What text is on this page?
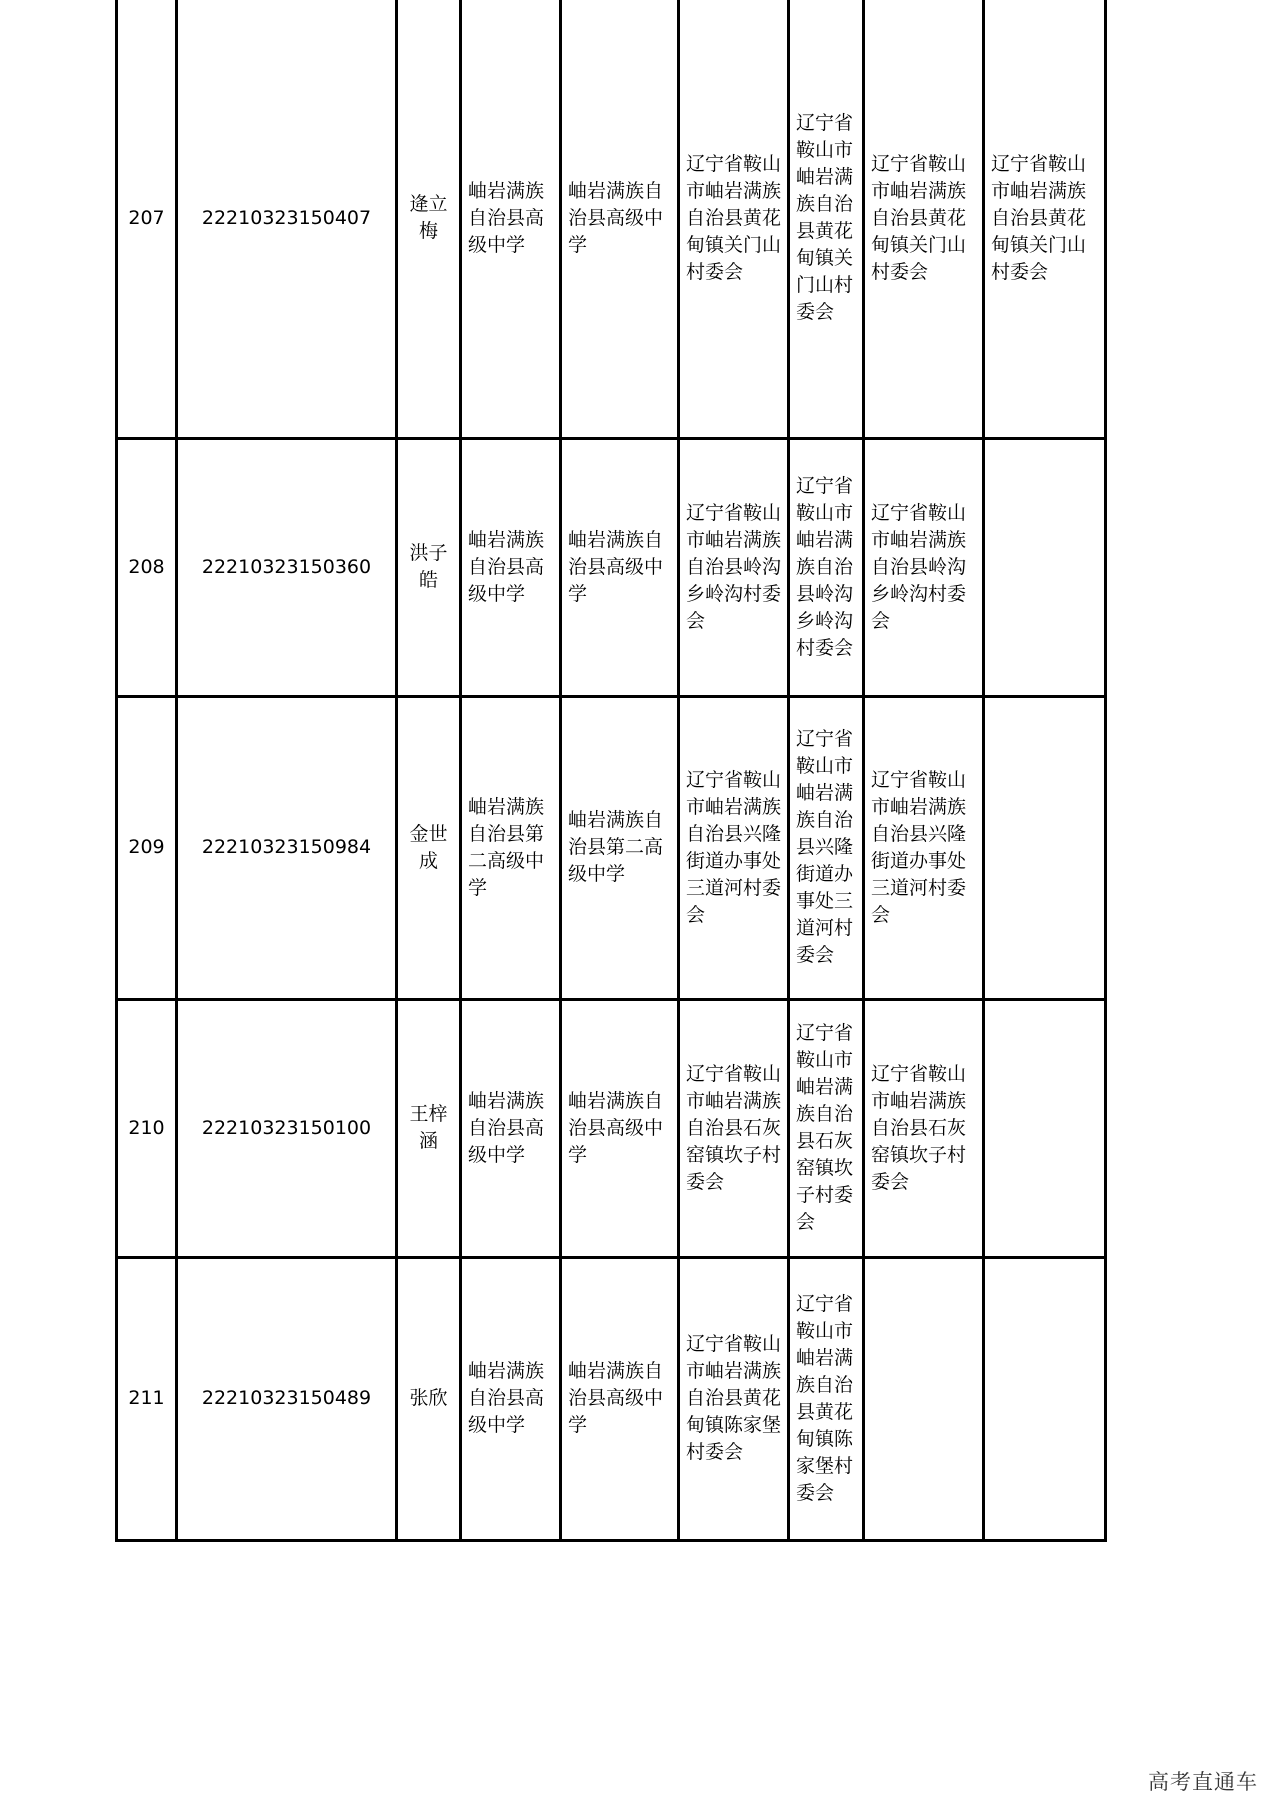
207	22210323150407	逄立梅	岫岩满族自治县高级中学	岫岩满族自治县高级中学	辽宁省鞍山市岫岩满族自治县黄花甸镇关门山村委会	辽宁省鞍山市岫岩满族自治县黄花甸镇关门山村委会	辽宁省鞍山市岫岩满族自治县黄花甸镇关门山村委会	辽宁省鞍山市岫岩满族自治县黄花甸镇关门山村委会
208	22210323150360	洪子皓	岫岩满族自治县高级中学	岫岩满族自治县高级中学	辽宁省鞍山市岫岩满族自治县岭沟乡岭沟村委会	辽宁省鞍山市岫岩满族自治县岭沟乡岭沟村委会	辽宁省鞍山市岫岩满族自治县岭沟乡岭沟村委会	
209	22210323150984	金世成	岫岩满族自治县第二高级中学	岫岩满族自治县第二高级中学	辽宁省鞍山市岫岩满族自治县兴隆街道办事处三道河村委会	辽宁省鞍山市岫岩满族自治县兴隆街道办事处三道河村委会	辽宁省鞍山市岫岩满族自治县兴隆街道办事处三道河村委会	
210	22210323150100	王梓涵	岫岩满族自治县高级中学	岫岩满族自治县高级中学	辽宁省鞍山市岫岩满族自治县石灰窑镇坎子村委会	辽宁省鞍山市岫岩满族自治县石灰窑镇坎子村委会	辽宁省鞍山市岫岩满族自治县石灰窑镇坎子村委会	
211	22210323150489	张欣	岫岩满族自治县高级中学	岫岩满族自治县高级中学	辽宁省鞍山市岫岩满族自治县黄花甸镇陈家堡村委会	辽宁省鞍山市岫岩满族自治县黄花甸镇陈家堡村委会		
高考直通车
